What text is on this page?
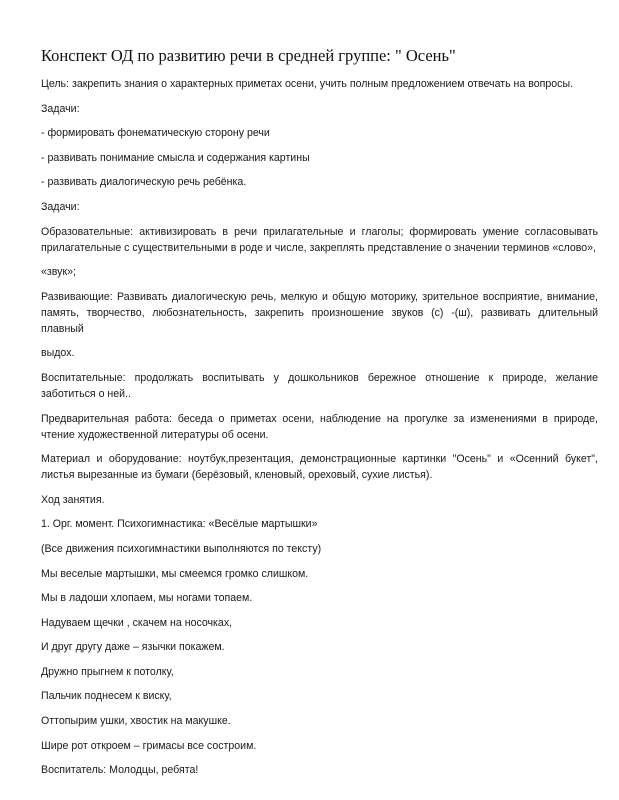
Конспект ОД по развитию речи в средней группе: " Осень"

Цель: закрепить знания о характерных приметах осени, учить полным предложением отвечать на вопросы.

Задачи:

- формировать фонематическую сторону речи

- развивать понимание смысла и содержания картины

- развивать диалогическую речь ребёнка.

Задачи:

Образовательные: активизировать в речи прилагательные и глаголы; формировать умение согласовывать прилагательные с существительными в роде и числе, закреплять представление о значении терминов «слово»,

«звук»;

Развивающие: Развивать диалогическую речь, мелкую и общую моторику, зрительное восприятие, внимание, память, творчество, любознательность, закрепить произношение звуков (с) -(ш), развивать длительный плавный

выдох.

Воспитательные: продолжать воспитывать у дошкольников бережное отношение к природе, желание заботиться о ней..

Предварительная работа: беседа о приметах осени, наблюдение на прогулке за изменениями в природе, чтение художественной литературы об осени.

Материал и оборудование: ноутбук,презентация, демонстрационные картинки "Осень" и «Осенний букет", листья вырезанные из бумаги (берёзовый, кленовый, ореховый, сухие листья).

Ход занятия.

1. Орг. момент. Психогимнастика: «Весёлые мартышки»

(Все движения психогимнастики выполняются по тексту)

Мы веселые мартышки, мы смеемся громко слишком.

Мы в ладоши хлопаем, мы ногами топаем.

Надуваем щечки , скачем на носочках,

И друг другу даже – язычки покажем.

Дружно прыгнем к потолку,

Пальчик поднесем к виску,

Оттопырим ушки, хвостик на макушке.

Шире рот откроем – гримасы все состроим.

Воспитатель: Молодцы, ребята!
